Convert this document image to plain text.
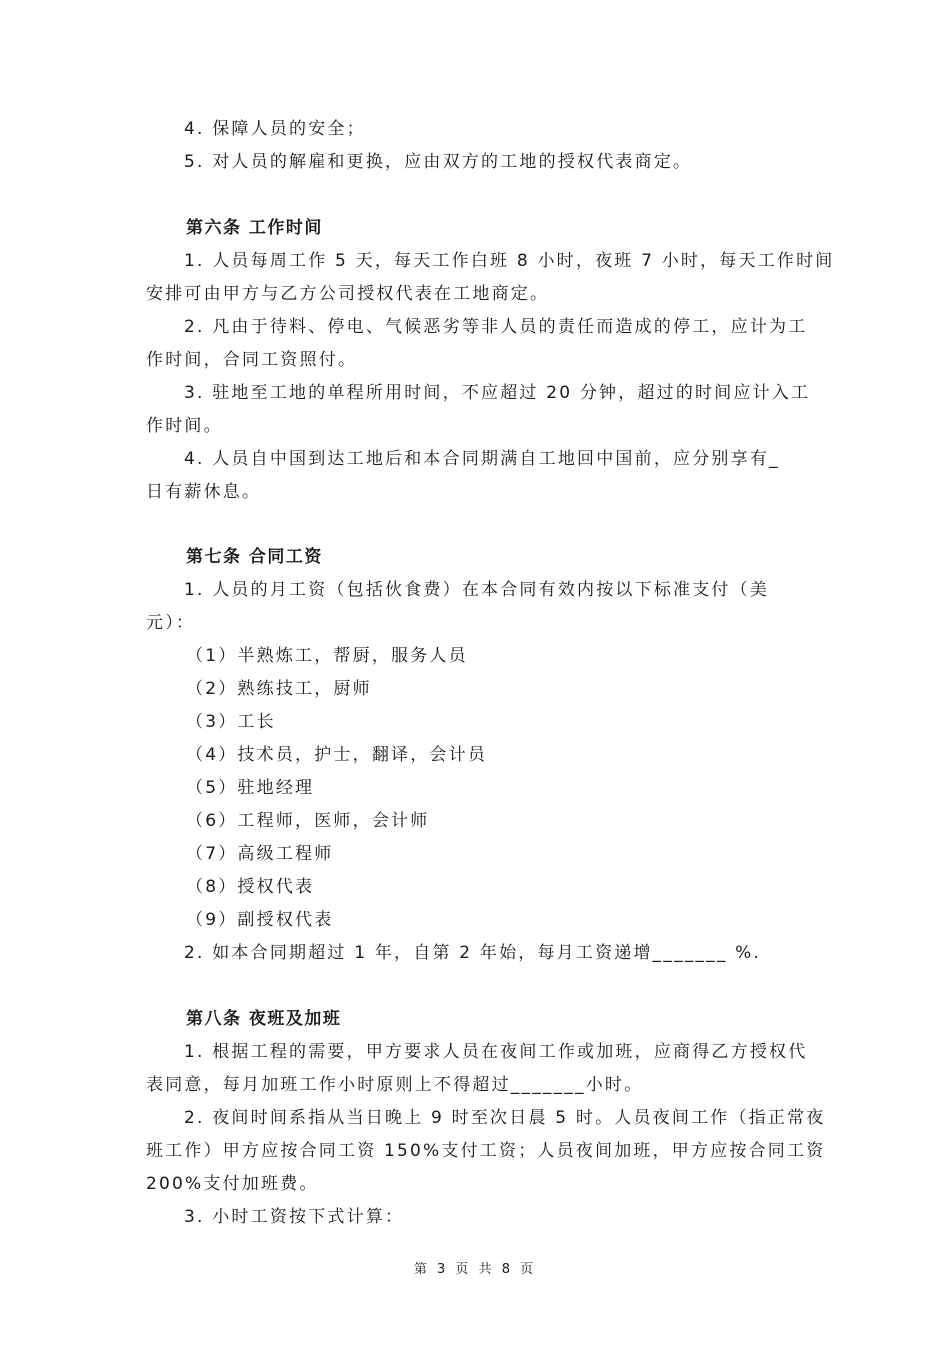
4. 保障人员的安全；
5. 对人员的解雇和更换，应由双方的工地的授权代表商定。
第六条 工作时间
1. 人员每周工作 5 天，每天工作白班 8 小时，夜班 7 小时，每天工作时间
安排可由甲方与乙方公司授权代表在工地商定。
2. 凡由于待料、停电、气候恶劣等非人员的责任而造成的停工，应计为工
作时间，合同工资照付。
3. 驻地至工地的单程所用时间，不应超过 20 分钟，超过的时间应计入工
作时间。
4. 人员自中国到达工地后和本合同期满自工地回中国前，应分别享有_
日有薪休息。
第七条 合同工资
1. 人员的月工资（包括伙食费）在本合同有效内按以下标准支付（美
元）：
（1）半熟炼工，帮厨，服务人员
（2）熟练技工，厨师
（3）工长
（4）技术员，护士，翻译，会计员
（5）驻地经理
（6）工程师，医师，会计师
（7）高级工程师
（8）授权代表
（9）副授权代表
2. 如本合同期超过 1 年，自第 2 年始，每月工资递增_______ %.
第八条 夜班及加班
1. 根据工程的需要，甲方要求人员在夜间工作或加班，应商得乙方授权代
表同意，每月加班工作小时原则上不得超过_______小时。
2. 夜间时间系指从当日晚上 9 时至次日晨 5 时。人员夜间工作（指正常夜
班工作）甲方应按合同工资 150%支付工资；人员夜间加班，甲方应按合同工资
200%支付加班费。
3. 小时工资按下式计算：
第 3 页 共 8 页
